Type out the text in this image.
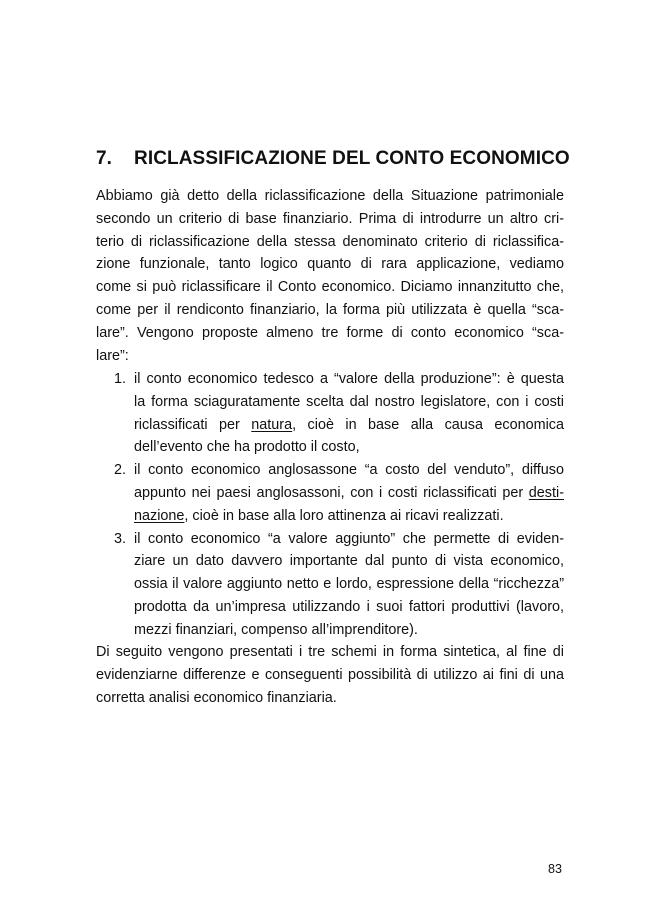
7. RICLASSIFICAZIONE DEL CONTO ECONOMICO
Abbiamo già detto della riclassificazione della Situazione patrimoniale
secondo un criterio di base finanziario. Prima di introdurre un altro cri-
terio di riclassificazione della stessa denominato criterio di riclassifica-
zione funzionale, tanto logico quanto di rara applicazione, vediamo
come si può riclassificare il Conto economico. Diciamo innanzitutto che,
come per il rendiconto finanziario, la forma più utilizzata è quella “sca-
lare”. Vengono proposte almeno tre forme di conto economico “sca-
lare”:
1. il conto economico tedesco a “valore della produzione”: è questa
la forma sciaguratamente scelta dal nostro legislatore, con i costi
riclassificati per natura, cioè in base alla causa economica
dell’evento che ha prodotto il costo,
2. il conto economico anglosassone “a costo del venduto”, diffuso
appunto nei paesi anglosassoni, con i costi riclassificati per desti-
nazione, cioè in base alla loro attinenza ai ricavi realizzati.
3. il conto economico “a valore aggiunto” che permette di eviden-
ziare un dato davvero importante dal punto di vista economico,
ossia il valore aggiunto netto e lordo, espressione della “ricchezza”
prodotta da un’impresa utilizzando i suoi fattori produttivi (lavoro,
mezzi finanziari, compenso all’imprenditore).
Di seguito vengono presentati i tre schemi in forma sintetica, al fine di
evidenziarne differenze e conseguenti possibilità di utilizzo ai fini di una
corretta analisi economico finanziaria.
83
